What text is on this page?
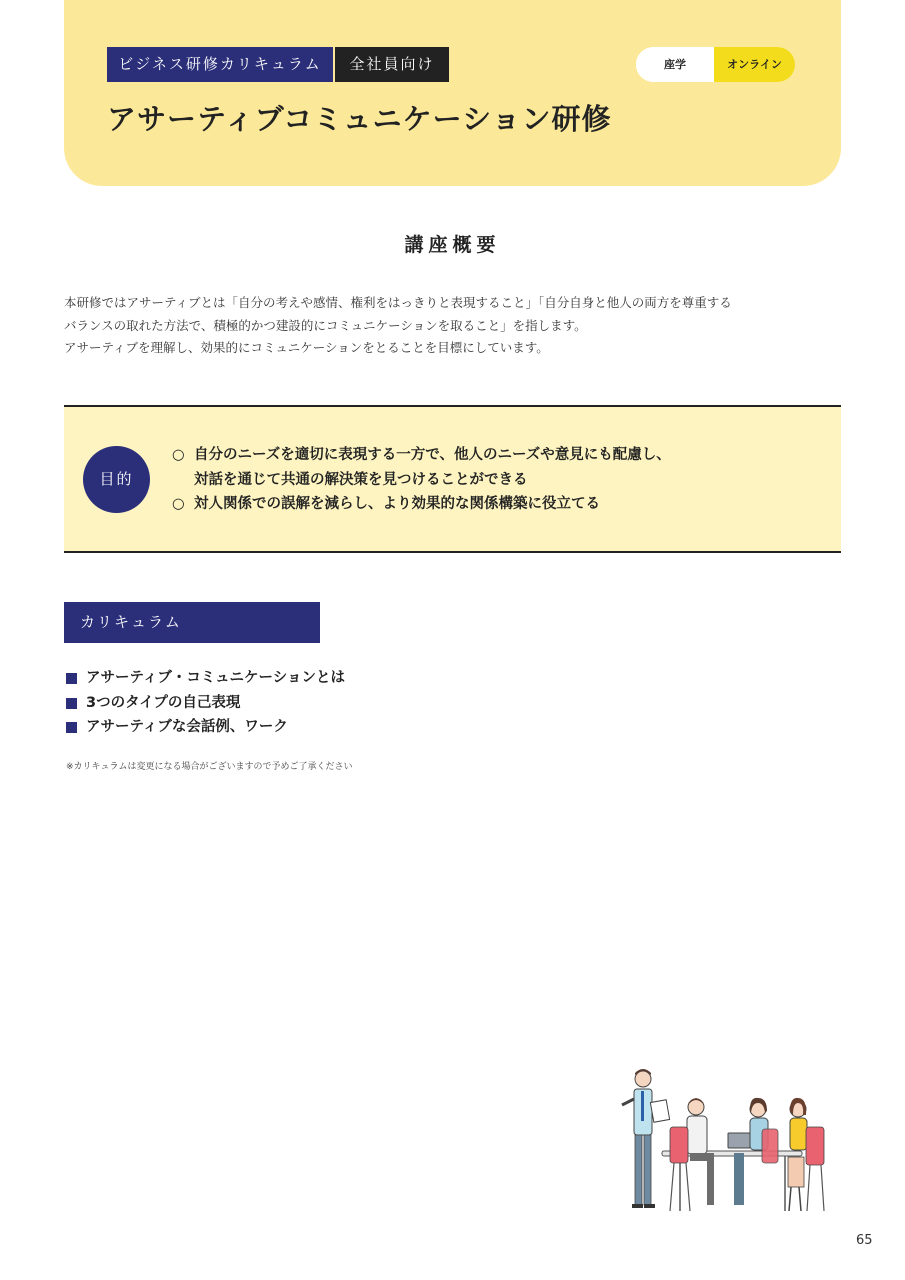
ビジネス研修カリキュラム	全社員向け	座学	オンライン
アサーティブコミュニケーション研修
講座概要

本研修ではアサーティブとは「自分の考えや感情、権利をはっきりと表現すること」「自分自身と他人の両方を尊重する

バランスの取れた方法で、積極的かつ建設的にコミュニケーションを取ること」を指します。

アサーティブを理解し、効果的にコミュニケーションをとることを目標にしています。

目的
○ 自分のニーズを適切に表現する一方で、他人のニーズや意見にも配慮し、
対話を通じて共通の解決策を見つけることができる
○ 対人関係での誤解を減らし、より効果的な関係構築に役立てる
カリキュラム
アサーティブ・コミュニケーションとは
3つのタイプの自己表現
アサーティブな会話例、ワーク
※カリキュラムは変更になる場合がございますので予めご了承ください
65
